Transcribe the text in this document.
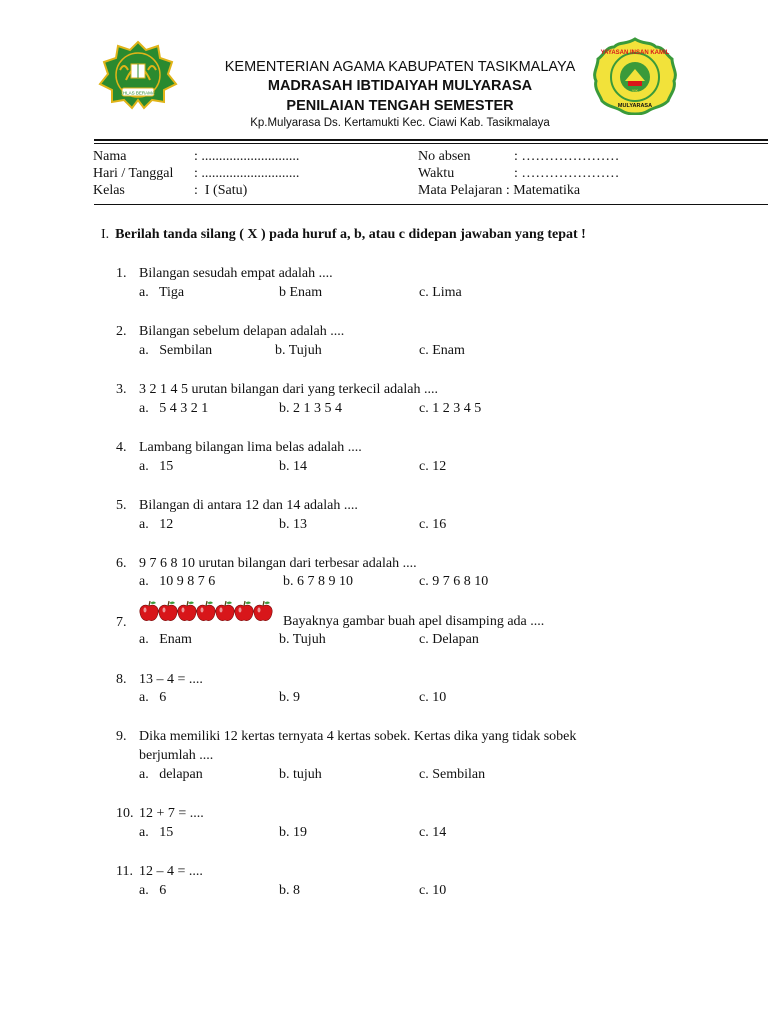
IKHLAS BERAMAL
YAYASAN INSAN KAMIL
YIK
MULYARASA
KEMENTERIAN AGAMA KABUPATEN TASIKMALAYA
MADRASAH IBTIDAIYAH MULYARASA
PENILAIAN TENGAH SEMESTER
Kp.Mulyarasa Ds. Kertamukti Kec. Ciawi Kab. Tasikmalaya
Nama	: ............................
Hari / Tanggal : ............................
Kelas	:  I (Satu)
No absen	: …………………
Waktu	: …………………
Mata Pelajaran : Matematika
I. Berilah tanda silang ( X ) pada huruf a, b, atau c didepan jawaban yang tepat !
1. Bilangan sesudah empat adalah ....
a.   Tiga	b Enam	c. Lima
2. Bilangan sebelum delapan adalah ....
a.   Sembilan	b. Tujuh	c. Enam
3. 3 2 1 4 5 urutan bilangan dari yang terkecil adalah ....
a.   5 4 3 2 1	b. 2 1 3 5 4	c. 1 2 3 4 5
4. Lambang bilangan lima belas adalah ....
a.   15	b. 14	c. 12
5. Bilangan di antara 12 dan 14 adalah ....
a.   12	b. 13	c. 16
6. 9 7 6 8 10 urutan bilangan dari terbesar adalah ....
a.   10 9 8 7 6	b. 6 7 8 9 10	c. 9 7 6 8 10
7.	Bayaknya gambar buah apel disamping ada ....
a.   Enam	b. Tujuh	c. Delapan
8. 13 – 4 = ....
a.   6	b. 9	c. 10
9. Dika memiliki 12 kertas ternyata 4 kertas sobek. Kertas dika yang tidak sobek
berjumlah ....
a.   delapan	b. tujuh	c. Sembilan
10. 12 + 7 = ....
a.   15	b. 19	c. 14
11. 12 – 4 = ....
a.   6	b. 8	c. 10
